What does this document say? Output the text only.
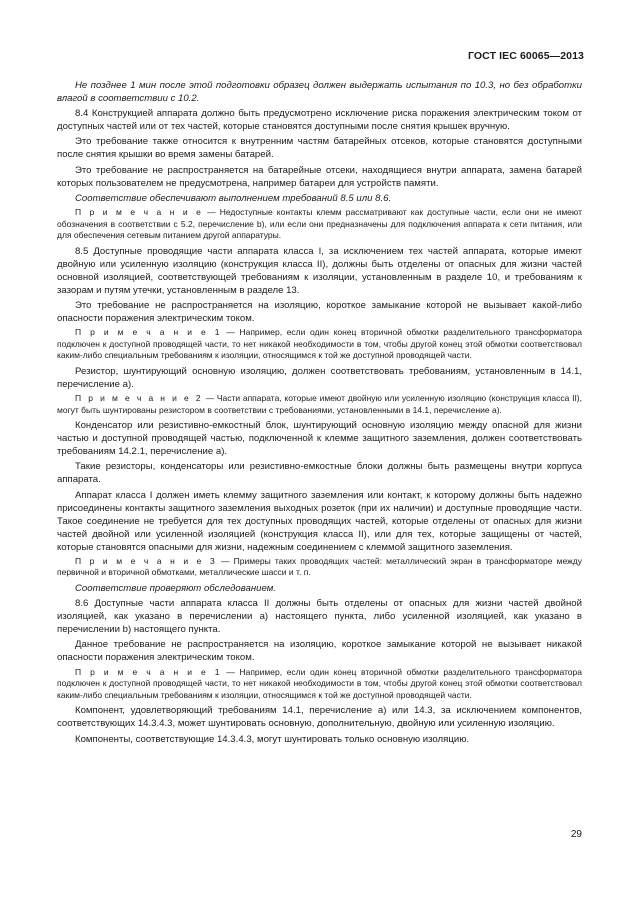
ГОСТ IEC 60065—2013

Не позднее 1 мин после этой подготовки образец должен выдержать испытания по 10.3, но без обработки влагой в соответствии с 10.2.

8.4 Конструкцией аппарата должно быть предусмотрено исключение риска поражения электрическим током от доступных частей или от тех частей, которые становятся доступными после снятия крышек вручную.

Это требование также относится к внутренним частям батарейных отсеков, которые становятся доступными после снятия крышки во время замены батарей.

Это требование не распространяется на батарейные отсеки, находящиеся внутри аппарата, замена батарей которых пользователем не предусмотрена, например батареи для устройств памяти.

Соответствие обеспечивают выполнением требований 8.5 или 8.6.

П р и м е ч а н и е — Недоступные контакты клемм рассматривают как доступные части, если они не имеют обозначения в соответствии с 5.2, перечисление b), или если они предназначены для подключения аппарата к сети питания, или для обеспечения сетевым питанием другой аппаратуры.

8.5 Доступные проводящие части аппарата класса I, за исключением тех частей аппарата, которые имеют двойную или усиленную изоляцию (конструкция класса II), должны быть отделены от опасных для жизни частей основной изоляцией, соответствующей требованиям к изоляции, установленным в разделе 10, и требованиям к зазорам и путям утечки, установленным в разделе 13.

Это требование не распространяется на изоляцию, короткое замыкание которой не вызывает какой-либо опасности поражения электрическим током.

П р и м е ч а н и е 1 — Например, если один конец вторичной обмотки разделительного трансформатора подключен к доступной проводящей части, то нет никакой необходимости в том, чтобы другой конец этой обмотки соответствовал каким-либо специальным требованиям к изоляции, относящимся к той же доступной проводящей части.

Резистор, шунтирующий основную изоляцию, должен соответствовать требованиям, установленным в 14.1, перечисление а).

П р и м е ч а н и е 2 — Части аппарата, которые имеют двойную или усиленную изоляцию (конструкция класса II), могут быть шунтированы резистором в соответствии с требованиями, установленными в 14.1, перечисление а).

Конденсатор или резистивно-емкостный блок, шунтирующий основную изоляцию между опасной для жизни частью и доступной проводящей частью, подключенной к клемме защитного заземления, должен соответствовать требованиям 14.2.1, перечисление а).

Такие резисторы, конденсаторы или резистивно-емкостные блоки должны быть размещены внутри корпуса аппарата.

Аппарат класса I должен иметь клемму защитного заземления или контакт, к которому должны быть надежно присоединены контакты защитного заземления выходных розеток (при их наличии) и доступные проводящие части. Такое соединение не требуется для тех доступных проводящих частей, которые отделены от опасных для жизни частей двойной или усиленной изоляцией (конструкция класса II), или для тех, которые защищены от частей, которые становятся опасными для жизни, надежным соединением с клеммой защитного заземления.

П р и м е ч а н и е 3 — Примеры таких проводящих частей: металлический экран в трансформаторе между первичной и вторичной обмотками, металлические шасси и т. п.

Соответствие проверяют обследованием.

8.6 Доступные части аппарата класса II должны быть отделены от опасных для жизни частей двойной изоляцией, как указано в перечислении а) настоящего пункта, либо усиленной изоляцией, как указано в перечислении b) настоящего пункта.

Данное требование не распространяется на изоляцию, короткое замыкание которой не вызывает никакой опасности поражения электрическим током.

П р и м е ч а н и е 1 — Например, если один конец вторичной обмотки разделительного трансформатора подключен к доступной проводящей части, то нет никакой необходимости в том, чтобы другой конец этой обмотки соответствовал каким-либо специальным требованиям к изоляции, относящимся к той же доступной проводящей части.

Компонент, удовлетворяющий требованиям 14.1, перечисление а) или 14.3, за исключением компонентов, соответствующих 14.3.4.3, может шунтировать основную, дополнительную, двойную или усиленную изоляцию.

Компоненты, соответствующие 14.3.4.3, могут шунтировать только основную изоляцию.

29
